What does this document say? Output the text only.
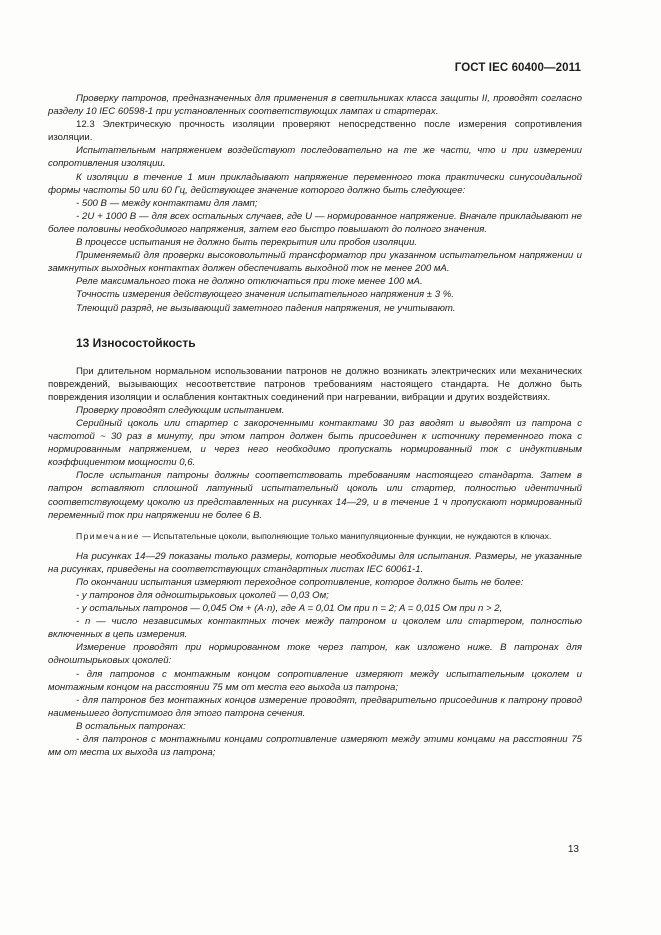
ГОСТ IEC 60400—2011

Проверку патронов, предназначенных для применения в светильниках класса защиты II, проводят согласно разделу 10 IEC 60598-1 при установленных соответствующих лампах и стартерах.

12.3 Электрическую прочность изоляции проверяют непосредственно после измерения сопротивления изоляции.

Испытательным напряжением воздействуют последовательно на те же части, что и при измерении сопротивления изоляции.

К изоляции в течение 1 мин прикладывают напряжение переменного тока практически синусоидальной формы частоты 50 или 60 Гц, действующее значение которого должно быть следующее:

- 500 В — между контактами для ламп;

- 2U + 1000 В — для всех остальных случаев, где U — нормированное напряжение. Вначале прикладывают не более половины необходимого напряжения, затем его быстро повышают до полного значения.

В процессе испытания не должно быть перекрытия или пробоя изоляции.

Применяемый для проверки высоковольтный трансформатор при указанном испытательном напряжении и замкнутых выходных контактах должен обеспечивать выходной ток не менее 200 мА.

Реле максимального тока не должно отключаться при токе менее 100 мА.

Точность измерения действующего значения испытательного напряжения ± 3 %.

Тлеющий разряд, не вызывающий заметного падения напряжения, не учитывают.

13 Износостойкость

При длительном нормальном использовании патронов не должно возникать электрических или механических повреждений, вызывающих несоответствие патронов требованиям настоящего стандарта. Не должно быть повреждения изоляции и ослабления контактных соединений при нагревании, вибрации и других воздействиях.

Проверку проводят следующим испытанием.

Серийный цоколь или стартер с закороченными контактами 30 раз вводят и выводят из патрона с частотой ~ 30 раз в минуту, при этом патрон должен быть присоединен к источнику переменного тока с нормированным напряжением, и через него необходимо пропускать нормированный ток с индуктивным коэффициентом мощности 0,6.

После испытания патроны должны соответствовать требованиям настоящего стандарта. Затем в патрон вставляют сплошной латунный испытательный цоколь или стартер, полностью идентичный соответствующему цоколю из представленных на рисунках 14—29, и в течение 1 ч пропускают нормированный переменный ток при напряжении не более 6 В.

Примечание — Испытательные цоколи, выполняющие только манипуляционные функции, не нуждаются в ключах.

На рисунках 14—29 показаны только размеры, которые необходимы для испытания. Размеры, не указанные на рисунках, приведены на соответствующих стандартных листах IEC 60061-1.

По окончании испытания измеряют переходное сопротивление, которое должно быть не более:

- у патронов для одноштырьковых цоколей — 0,03 Ом;

- у остальных патронов — 0,045 Ом + (A·n), где A = 0,01 Ом при n = 2; A = 0,015 Ом при n > 2,

- n — число независимых контактных точек между патроном и цоколем или стартером, полностью включенных в цепь измерения.

Измерение проводят при нормированном токе через патрон, как изложено ниже. В патронах для одноштырьковых цоколей:

- для патронов с монтажным концом сопротивление измеряют между испытательным цоколем и монтажным концом на расстоянии 75 мм от места его выхода из патрона;

- для патронов без монтажных концов измерение проводят, предварительно присоединив к патрону провод наименьшего допустимого для этого патрона сечения.

В остальных патронах:

- для патронов с монтажными концами сопротивление измеряют между этими концами на расстоянии 75 мм от места их выхода из патрона;

13
